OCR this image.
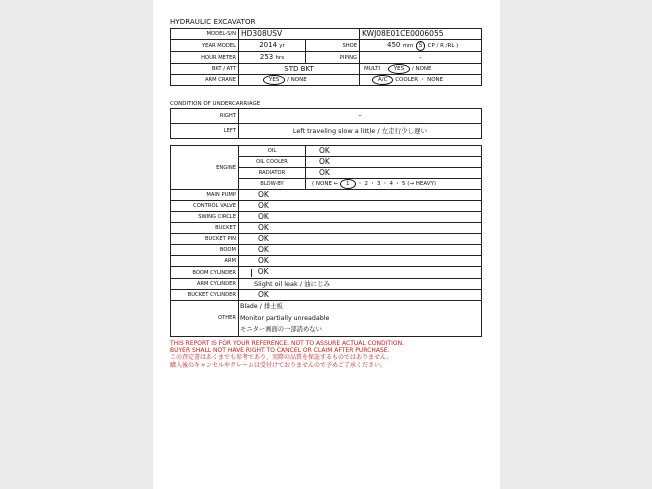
HYDRAULIC EXCAVATOR
MODEL-S/N	HD308USV		KWJ08E01CE0006055
YEAR MODEL	2014 yr	SHOE	450 mm S CP / R /RL )
HOUR METER	253 hrs	PIPING	-
BKT / ATT	STD BKT		MULTI YES / NONE
ARM CRANE	YES / NONE		A/C COOLER ・ NONE
CONDITION OF UNDERCARRIAGE
RIGHT	-
LEFT	Left traveling slow a little / 左走行少し遅い
ENGINE	OIL	OK
	OIL COOLER	OK
	RADIATOR	OK
	BLOW-BY	( NONE ← 1 ・ 2 ・ 3 ・ 4 ・ 5 (→ HEAVY)
MAIN PUMP	OK	
CONTROL VALVE	OK	
SWING CIRCLE	OK	
BUCKET	OK	
BUCKET PIN	OK	
BOOM	OK	
ARM	OK	
BOOM CYLINDER	OK	
ARM CYLINDER	Slight oil leak / 油にじみ	
BUCKET CYLINDER	OK	
OTHER	Blade / 排土板
Monitor partially unreadable
モニター画面の一部読めない	
THIS REPORT IS FOR YOUR REFERENCE, NOT TO ASSURE ACTUAL CONDITION.
BUYER SHALL NOT HAVE RIGHT TO CANCEL OR CLAIM AFTER PURCHASE.
この査定書はあくまでも参考であり、実際の品質を保証するものではありません。
購入後のキャンセルやクレームは受付けておりませんので予めご了承ください。
